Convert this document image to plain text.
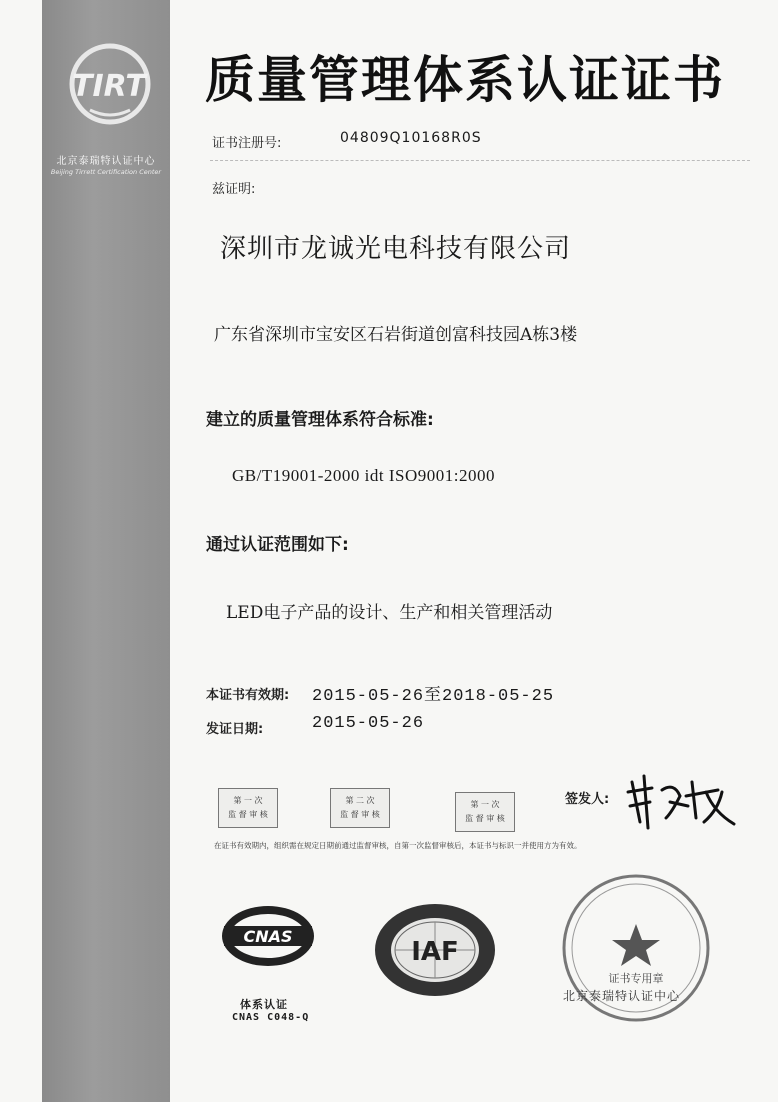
TIRT
北京泰瑞特认证中心
Beijing Tirrett Certification Center
质量管理体系认证证书
证书注册号:	04809Q10168R0S
兹证明:
深圳市龙诚光电科技有限公司
广东省深圳市宝安区石岩街道创富科技园A栋3楼
建立的质量管理体系符合标准:
GB/T19001-2000 idt ISO9001:2000
通过认证范围如下:
LED电子产品的设计、生产和相关管理活动
本证书有效期: 2015-05-26至2018-05-25
发证日期:	2015-05-26
第 一 次
监 督 审 核
第 二 次
监 督 审 核
第 一 次
监 督 审 核
在证书有效期内，组织需在规定日期前通过监督审核，自第一次监督审核后，本证书与标识一并使用方为有效。
签发人:
CNAS
体系认证
CNAS C048-Q
IAF
证书专用章
北京泰瑞特认证中心
